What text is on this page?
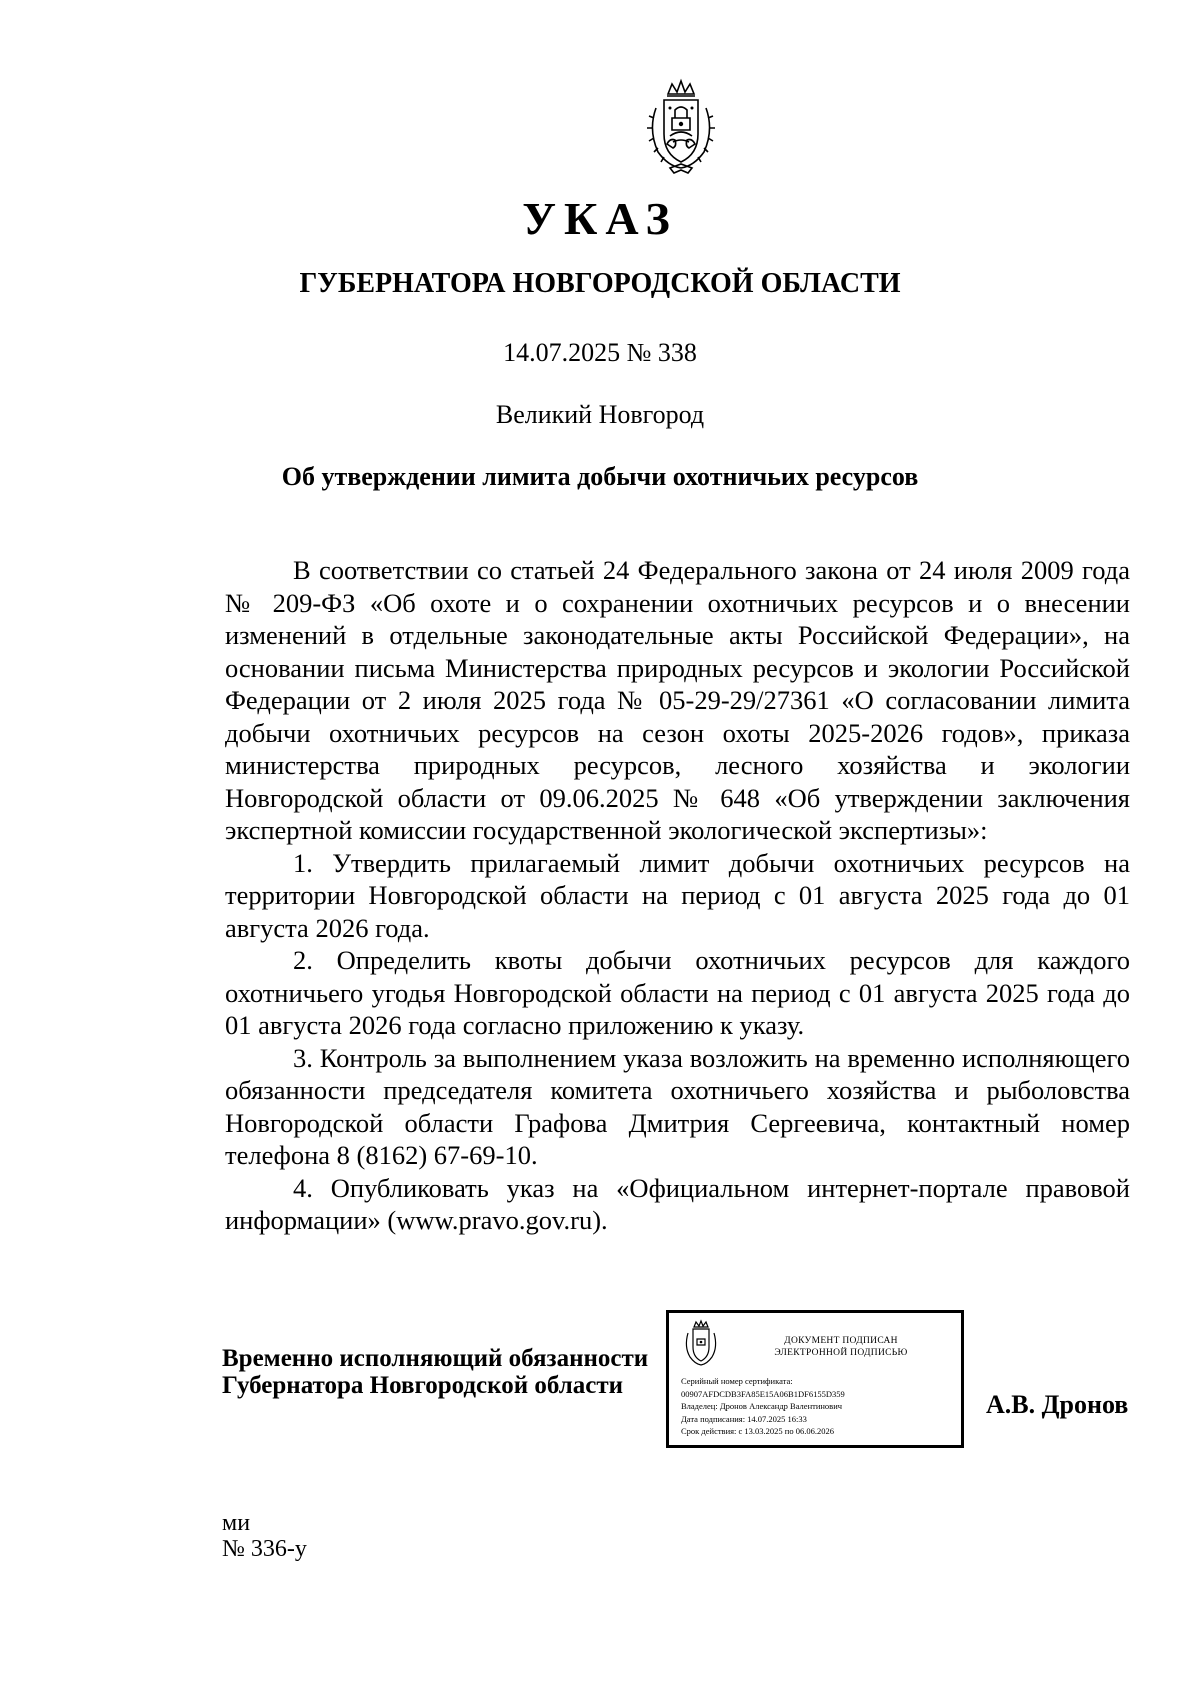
УКАЗ
ГУБЕРНАТОРА НОВГОРОДСКОЙ ОБЛАСТИ
14.07.2025 № 338
Великий Новгород
Об утверждении лимита добычи охотничьих ресурсов

В соответствии со статьей 24 Федерального закона от 24 июля 2009 года № 209-ФЗ «Об охоте и о сохранении охотничьих ресурсов и о внесении изменений в отдельные законодательные акты Российской Федерации», на основании письма Министерства природных ресурсов и экологии Российской Федерации от 2 июля 2025 года № 05-29-29/27361 «О согласовании лимита добычи охотничьих ресурсов на сезон охоты 2025-2026 годов», приказа министерства природных ресурсов, лесного хозяйства и экологии Новгородской области от 09.06.2025 № 648 «Об утверждении заключения экспертной комиссии государственной экологической экспертизы»:

1. Утвердить прилагаемый лимит добычи охотничьих ресурсов на территории Новгородской области на период с 01 августа 2025 года до 01 августа 2026 года.

2. Определить квоты добычи охотничьих ресурсов для каждого охотничьего угодья Новгородской области на период с 01 августа 2025 года до 01 августа 2026 года согласно приложению к указу.

3. Контроль за выполнением указа возложить на временно исполняющего обязанности председателя комитета охотничьего хозяйства и рыболовства Новгородской области Графова Дмитрия Сергеевича, контактный номер телефона 8 (8162) 67-69-10.

4. Опубликовать указ на «Официальном интернет-портале правовой информации» (www.pravo.gov.ru).

Временно исполняющий обязанности
Губернатора Новгородской области
ДОКУМЕНТ ПОДПИСАН
ЭЛЕКТРОННОЙ ПОДПИСЬЮ
Серийный номер сертификата:
00907AFDCDB3FA85E15A06B1DF6155D359
Владелец: Дронов Александр Валентинович
Дата подписания: 14.07.2025 16:33
Срок действия: с 13.03.2025 по 06.06.2026
А.В. Дронов
ми
№ 336-у
